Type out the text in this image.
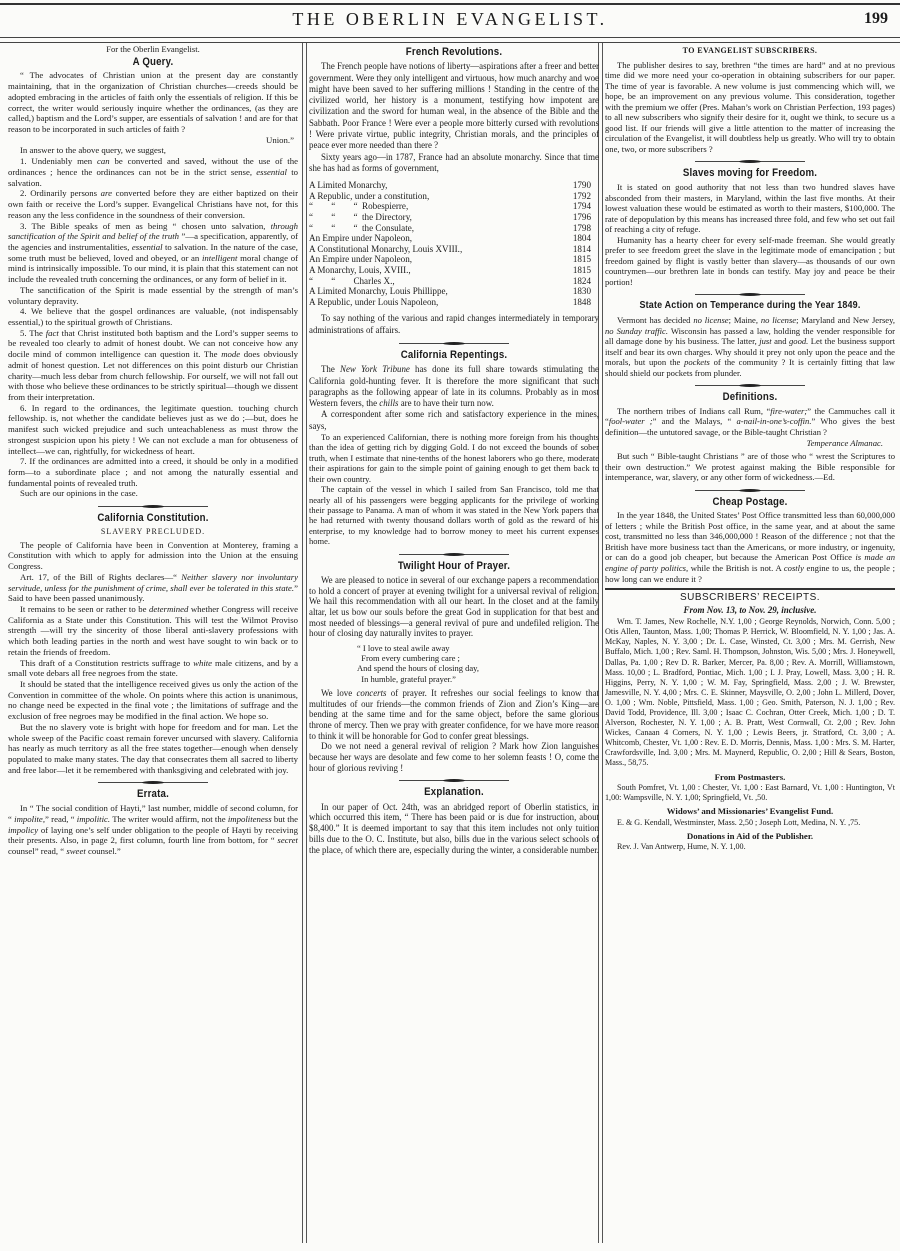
THE OBERLIN EVANGELIST.	199
For the Oberlin Evangelist.
A Query.

“ The advocates of Christian union at the present day are constantly maintaining, that in the organization of Christian churches—creeds should be adopted embracing in the articles of faith only the essentials of religion. If this be correct, the writer would seriously inquire whether the ordinances, (as they are called,) baptism and the Lord’s supper, are essentials of salvation ! and are for that reason to be incorporated in such articles of faith ?

Union.”

In answer to the above query, we suggest,

1. Undeniably men can be converted and saved, without the use of the ordinances ; hence the ordinances can not be in the strict sense, essential to salvation.

2. Ordinarily persons are converted before they are either baptized on their own faith or receive the Lord’s supper. Evangelical Christians have not, for this reason any the less confidence in the soundness of their conversion.

3. The Bible speaks of men as being “ chosen unto salvation, through sanctification of the Spirit and belief of the truth ”—a specification, apparently, of the agencies and instrumentalities, essential to salvation. In the nature of the case, some truth must be believed, loved and obeyed, or an intelligent moral change of mind is intrinsically impossible. To our mind, it is plain that this statement can not include the revealed truth concerning the ordinances, or any form of belief in it.

The sanctification of the Spirit is made essential by the strength of man’s voluntary depravity.

4. We believe that the gospel ordinances are valuable, (not indispensably essential,) to the spiritual growth of Christians.

5. The fact that Christ instituted both baptism and the Lord’s supper seems to be revealed too clearly to admit of honest doubt. We can not conceive how any docile mind of common intelligence can question it. The mode does obviously admit of honest question. Let not differences on this point disturb our Christian charity—much less debar from church fellowship. For ourself, we will not fall out with those who believe these ordinances to be strictly spiritual—though we dissent from their interpretation.

6. In regard to the ordinances, the legitimate question. touching church fellowship. is, not whether the candidate believes just as we do ;—but, does he manifest such wicked prejudice and such unteachableness as must throw the strongest suspicion upon his piety ! We can not exclude a man for obtuseness of intellect—we can, rightfully, for wickedness of heart.

7. If the ordinances are admitted into a creed, it should be only in a modified form—to a subordinate place ; and not among the naturally essential and fundamental points of revealed truth.

Such are our opinions in the case.

California Constitution.
SLAVERY PRECLUDED.

The people of California have been in Convention at Monterey, framing a Constitution with which to apply for admission into the Union at the ensuing Congress.

Art. 17, of the Bill of Rights declares—“ Neither slavery nor involuntary servitude, unless for the punishment of crime, shall ever be tolerated in this state.” Said to have been passed unanimously.

It remains to be seen or rather to be determined whether Congress will receive California as a State under this Constitution. This will test the Wilmot Proviso strength —will try the sincerity of those liberal anti-slavery professions with which both leading parties in the north and west have sought to win back or to retain the friends of freedom.

This draft of a Constitution restricts suffrage to white male citizens, and by a small vote debars all free negroes from the state.

It should be stated that the intelligence received gives us only the action of the Convention in committee of the whole. On points where this action is unanimous, no change need be expected in the final vote ; the limitations of suffrage and the exclusion of free negroes may be modified in the final action. We hope so.

But the no slavery vote is bright with hope for freedom and for man. Let the whole sweep of the Pacific coast remain forever uncursed with slavery. California has nearly as much territory as all the free states together—enough when densely populated to make many states. The day that consecrates them all sacred to liberty and free labor—let it be remembered with thanksgiving and celebrated with joy.

Errata.

In “ The social condition of Hayti,” last number, middle of second column, for “ impolite,” read, “ impolitic. The writer would affirm, not the impoliteness but the impolicy of laying one’s self under obligation to the people of Hayti by receiving their presents. Also, in page 2, first column, fourth line from bottom, for “ secret counsel” read, “ sweet counsel.”

French Revolutions.

The French people have notions of liberty—aspirations after a freer and better government. Were they only intelligent and virtuous, how much anarchy and woe might have been saved to her suffering millions ! Standing in the centre of the civilized world, her history is a monument, testifying how impotent are civilization and the sword for human weal, in the absence of the Bible and the Sabbath. Poor France ! Were ever a people more bitterly cursed with revolutions ! Were private virtue, public integrity, Christian morals, and the principles of peace ever more needed than there ?

Sixty years ago—in 1787, France had an absolute monarchy. Since that time she has had as forms of government,

A Limited Monarchy,	1790
A Republic, under a constitution,	1792
“        “        “  Robespierre,	1794
“        “        “  the Directory,	1796
“        “        “  the Consulate,	1798
An Empire under Napoleon,	1804
A Constitutional Monarchy, Louis XVIII.,	1814
An Empire under Napoleon,	1815
A Monarchy, Louis, XVIII.,	1815
“        “        Charles X.,	1824
A Limited Monarchy, Louis Phillippe,	1830
A Republic, under Louis Napoleon,	1848

To say nothing of the various and rapid changes intermediately in temporary administrations of affairs.

California Repentings.

The New York Tribune has done its full share towards stimulating the California gold-hunting fever. It is therefore the more significant that such paragraphs as the following appear of late in its columns. Probably as in most Western fevers, the chills are to have their turn now.

A correspondent after some rich and satisfactory experience in the mines, says,

To an experienced Californian, there is nothing more foreign from his thoughts than the idea of getting rich by digging Gold. I do not exceed the bounds of sober truth, when I estimate that nine-tenths of the honest laborers who go there, moderate their aspirations for gain to the simple point of gaining enough to get them back to their own country.

The captain of the vessel in which I sailed from San Francisco, told me that nearly all of his passengers were begging applicants for the privilege of working their passage to Panama. A man of whom it was stated in the New York papers that he had returned with twenty thousand dollars worth of gold as the reward of his enterprise, to my knowledge had to borrow money to meet his current expenses home.

Twilight Hour of Prayer.

We are pleased to notice in several of our exchange papers a recommendation to hold a concert of prayer at evening twilight for a universal revival of religion. We hail this recommendation with all our heart. In the closet and at the family altar, let us bow our souls before the great God in supplication for that best and most needed of blessings—a general revival of pure and undefiled religion. The hour of closing day naturally invites to prayer.

“ I love to steal awile away
From every cumbering care ;
And spend the hours of closing day,
In humble, grateful prayer.”

We love concerts of prayer. It refreshes our social feelings to know that multitudes of our friends—the common friends of Zion and Zion’s King—are bending at the same time and for the same object, before the same glorious throne of mercy. Then we pray with greater confidence, for we have more reason to think it will be honorable for God to confer great blessings.

Do we not need a general revival of religion ? Mark how Zion languishes because her ways are desolate and few come to her solemn feasts ! O, come the hour of glorious reviving !

Explanation.

In our paper of Oct. 24th, was an abridged report of Oberlin statistics, in which occurred this item, “ There has been paid or is due for instruction, about $8,400.” It is deemed important to say that this item includes not only tuition bills due to the O. C. Institute, but also, bills due in the various select schools of the place, of which there are, especially during the winter, a considerable number.

TO EVANGELIST SUBSCRIBERS.

The publisher desires to say, brethren “the times are hard” and at no previous time did we more need your co-operation in obtaining subscribers for our paper. The time of year is favorable. A new volume is just commencing which will, we hope, be an improvement on any previous volume. This consideration, together with the premium we offer (Pres. Mahan’s work on Christian Perfection, 193 pages) to all new subscribers who signify their desire for it, ought we think, to secure us a good list. If our friends will give a little attention to the matter of increasing the circulation of the Evangelist, it will doubtless help us greatly. Who will try to obtain one, two, or more subscribers ?

Slaves moving for Freedom.

It is stated on good authority that not less than two hundred slaves have absconded from their masters, in Maryland, within the last five months. At their lowest valuation these would be estimated as worth to their masters, $100,000. The rate of depopulation by this means has increased three fold, and few who set out fail of reaching a city of refuge.

Humanity has a hearty cheer for every self-made freeman. She would greatly prefer to see freedom greet the slave in the legitimate mode of emancipation ; but freedom gained by flight is vastly better than slavery—as thousands of our own countrymen—our brethren late in bonds can testify. May joy and peace be their portion!

State Action on Temperance during the Year 1849.

Vermont has decided no license; Maine, no license; Maryland and New Jersey, no Sunday traffic. Wisconsin has passed a law, holding the vender responsible for all damage done by his business. The latter, just and good. Let the business support itself and bear its own charges. Why should it prey not only upon the peace and the morals, but upon the pockets of the community ? It is certainly fitting that law should shield our pockets from plunder.

Definitions.

The northern tribes of Indians call Rum, “fire-water;” the Cammuches call it “fool-water ;” and the Malays, “ a-nail-in-one’s-coffin.” Who gives the best definition—the untutored savage, or the Bible-taught Christian ?

Temperance Almanac.

But such “ Bible-taught Christians ” are of those who “ wrest the Scriptures to their own destruction.” We protest against making the Bible responsible for intemperance, war, slavery, or any other form of wickedness.—Ed.

Cheap Postage.

In the year 1848, the United States’ Post Office transmitted less than 60,000,000 of letters ; while the British Post office, in the same year, and at about the same cost, transmitted no less than 346,000,000 ! Reason of the difference ; not that the British have more business tact than the Americans, or more industry, or ingenuity, or can do a good job cheaper, but because the American Post Office is made an engine of party politics, while the British is not. A costly engine to us, the people ; how long can we endure it ?

SUBSCRIBERS’ RECEIPTS.
From Nov. 13, to Nov. 29, inclusive.

Wm. T. James, New Rochelle, N.Y. 1,00 ; George Reynolds, Norwich, Conn. 5,00 ; Otis Allen, Taunton, Mass. 1,00; Thomas P. Herrick, W. Bloomfield, N. Y. 1,00 ; Jas. A. McKay, Naples, N. Y. 3,00 ; Dr. L. Case, Winsted, Ct. 3,00 ; Mrs. M. Gerrish, New Buffalo, Mich. 1,00 ; Rev. Saml. H. Thompson, Johnston, Wis. 5,00 ; Mrs. J. Honeywell, Dallas, Pa. 1,00 ; Rev D. R. Barker, Mercer, Pa. 8,00 ; Rev. A. Morrill, Williamstown, Mass. 10,00 ; L. Bradford, Pontiac, Mich. 1,00 ; I. J. Pray, Lowell, Mass. 3,00 ; H. R. Higgins, Perry, N. Y. 1,00 ; W. M. Fay, Springfield, Mass. 2,00 ; J. W. Brewster, Jamesville, N. Y. 4,00 ; Mrs. C. E. Skinner, Maysville, O. 2,00 ; John L. Millerd, Dover, O. 1,00 ; Wm. Noble, Pittsfield, Mass. 1,00 ; Geo. Smith, Paterson, N. J. 1,00 ; Rev. David Todd, Providence, Ill. 3,00 ; Isaac C. Cochran, Otter Creek, Mich. 1,00 ; D. T. Alverson, Rochester, N. Y. 1,00 ; A. B. Pratt, West Cornwall, Ct. 2,00 ; Rev. John Wickes, Canaan 4 Corners, N. Y. 1,00 ; Lewis Beers, jr. Stratford, Ct. 3,00 ; A. Whitcomb, Chester, Vt. 1,00 : Rev. E. D. Morris, Dennis, Mass. 1,00 : Mrs. S. M. Harter, Crawfordsville, Ind. 3,00 ; Mrs. M. Maynerd, Republic, O. 2,00 ; Hill & Sears, Boston, Mass., 58,75.

From Postmasters.

South Pomfret, Vt. 1,00 : Chester, Vt. 1,00 : East Barnard, Vt. 1,00 : Huntington, Vt 1,00: Wampsville, N. Y. 1,00; Springfield, Vt. ,50.

Widows’ and Missionaries’ Evangelist Fund.

E. & G. Kendall, Westminster, Mass. 2,50 ; Joseph Lott, Medina, N. Y. ,75.

Donations in Aid of the Publisher.

Rev. J. Van Antwerp, Hume, N. Y. 1,00.
